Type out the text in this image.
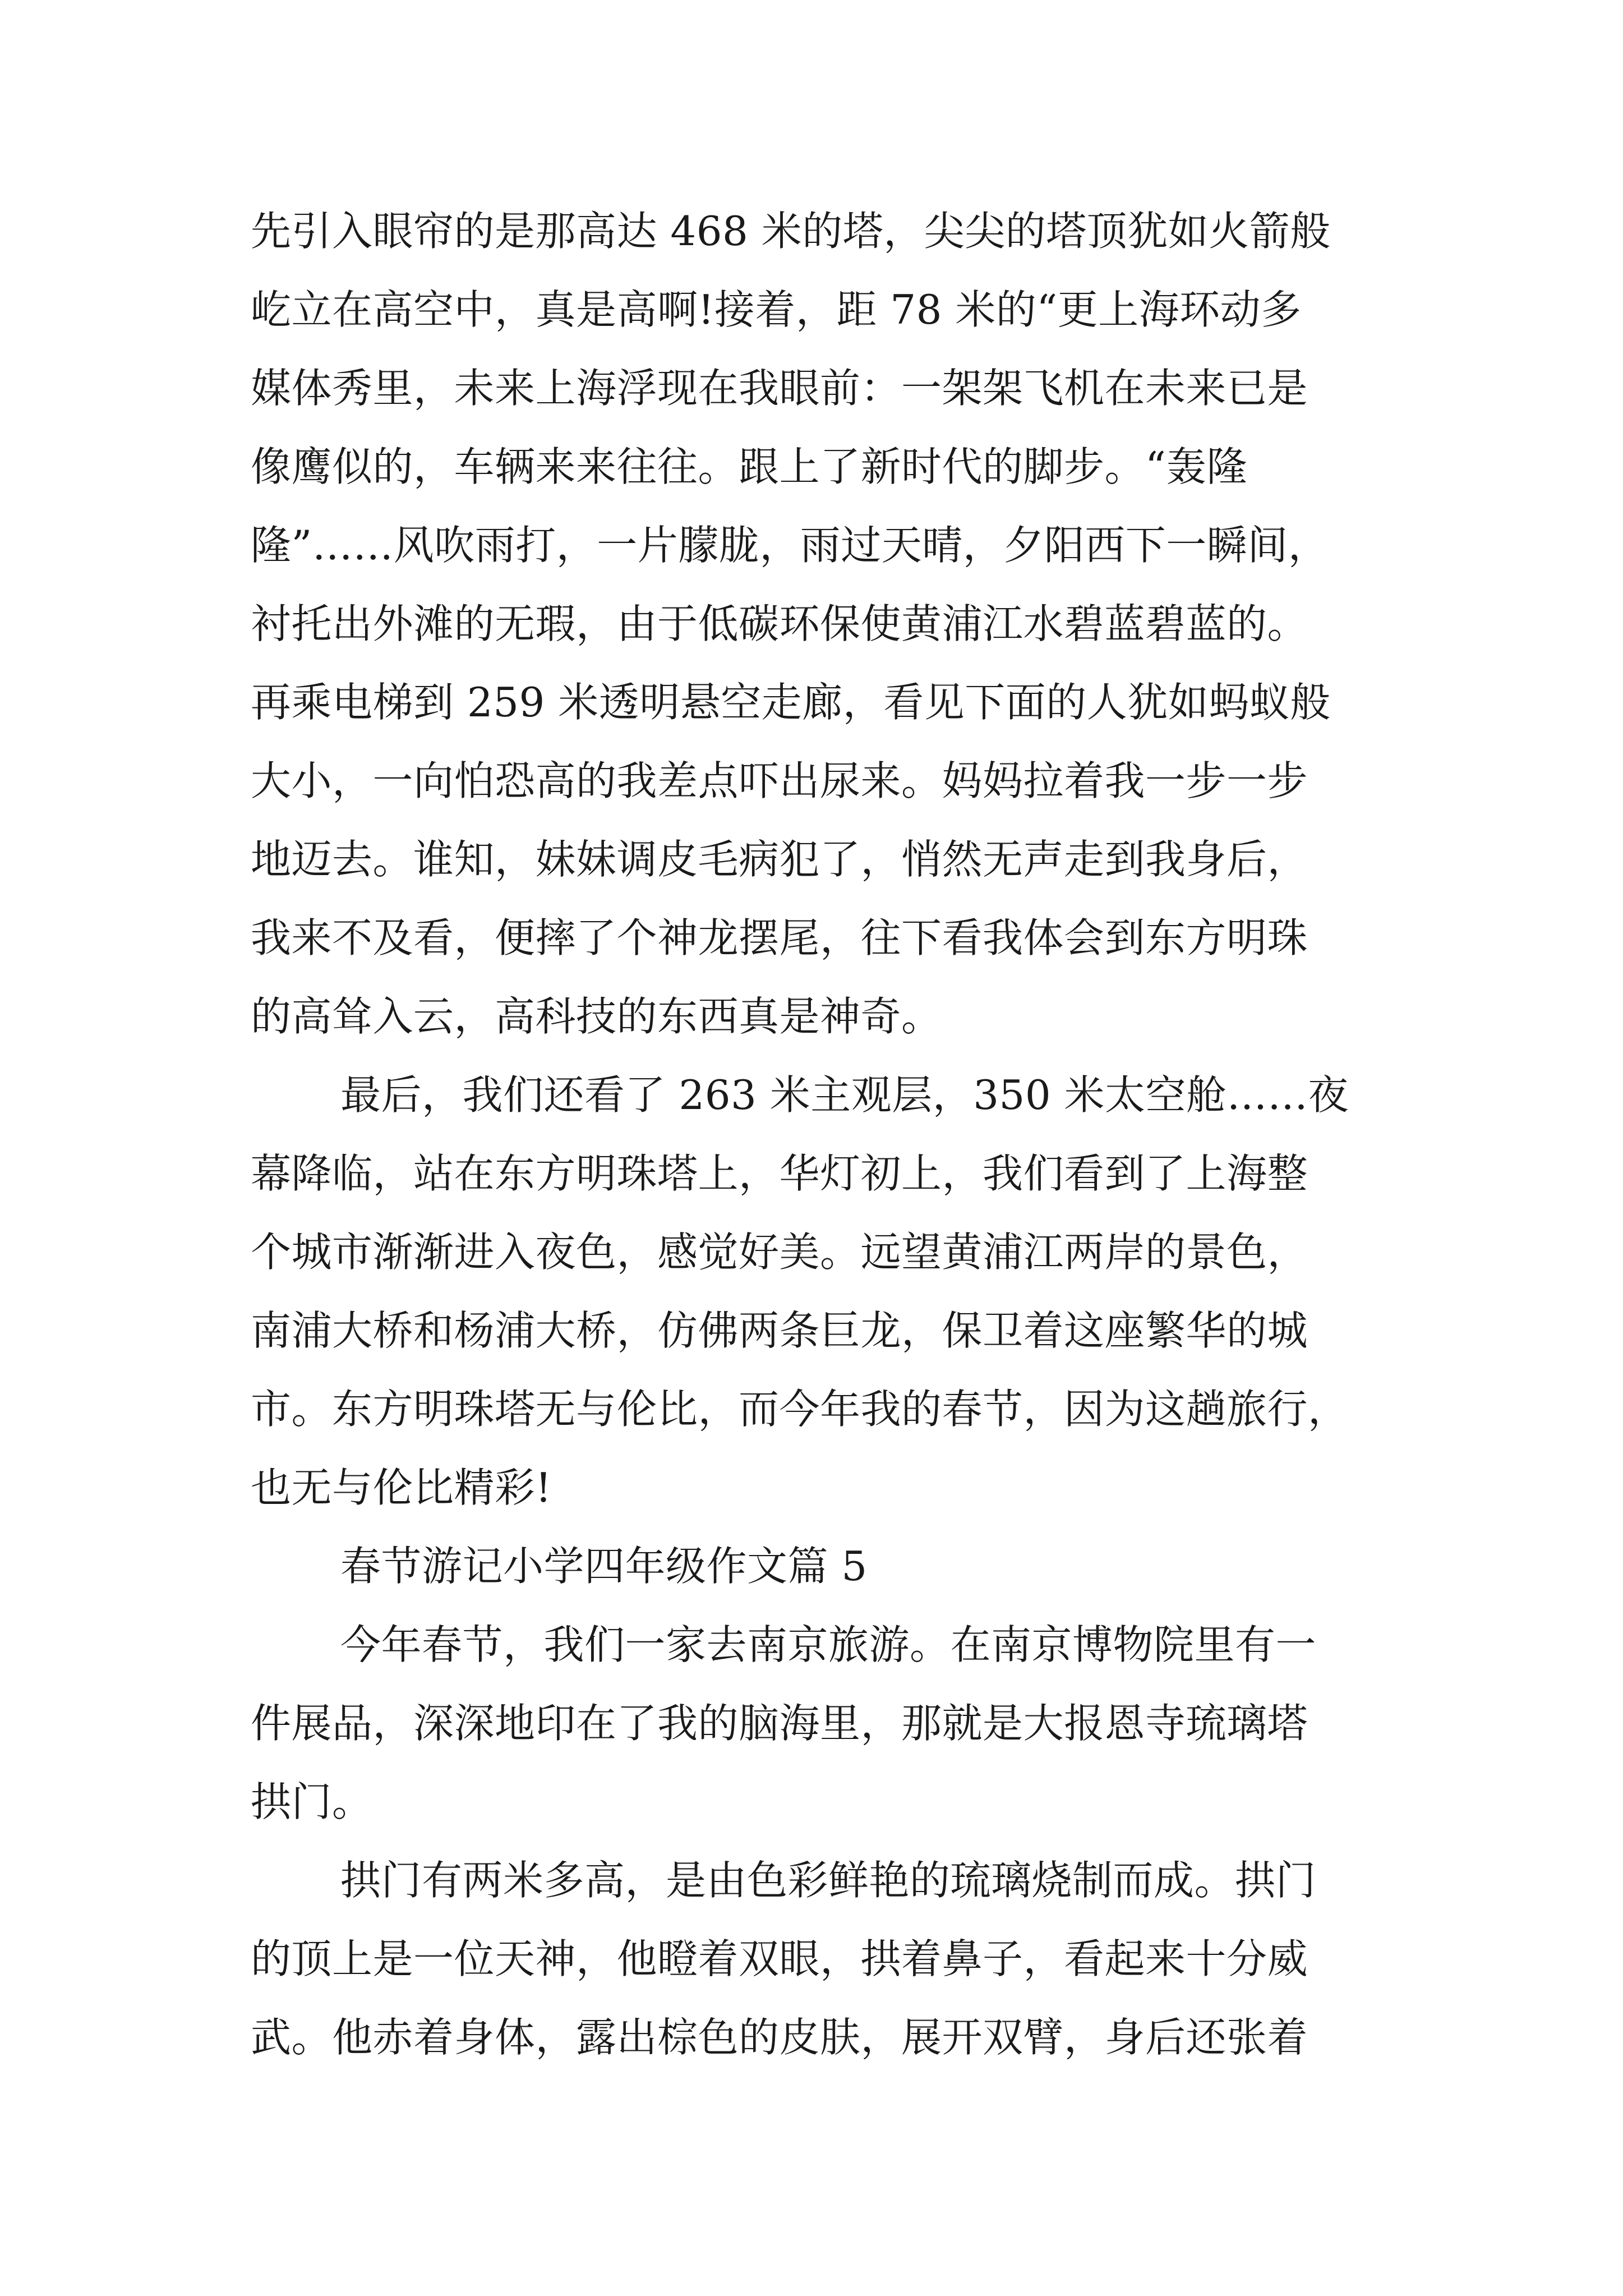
先引入眼帘的是那高达 468 米的塔，尖尖的塔顶犹如火箭般
屹立在高空中，真是高啊!接着，距 78 米的“更上海环动多
媒体秀里，未来上海浮现在我眼前：一架架飞机在未来已是
像鹰似的，车辆来来往往。跟上了新时代的脚步。“轰隆
隆”……风吹雨打，一片朦胧，雨过天晴，夕阳西下一瞬间，
衬托出外滩的无瑕，由于低碳环保使黄浦江水碧蓝碧蓝的。
再乘电梯到 259 米透明悬空走廊，看见下面的人犹如蚂蚁般
大小，一向怕恐高的我差点吓出尿来。妈妈拉着我一步一步
地迈去。谁知，妹妹调皮毛病犯了，悄然无声走到我身后，
我来不及看，便摔了个神龙摆尾，往下看我体会到东方明珠
的高耸入云，高科技的东西真是神奇。
最后，我们还看了 263 米主观层，350 米太空舱……夜
幕降临，站在东方明珠塔上，华灯初上，我们看到了上海整
个城市渐渐进入夜色，感觉好美。远望黄浦江两岸的景色，
南浦大桥和杨浦大桥，仿佛两条巨龙，保卫着这座繁华的城
市。东方明珠塔无与伦比，而今年我的春节，因为这趟旅行，
也无与伦比精彩!
春节游记小学四年级作文篇 5
今年春节，我们一家去南京旅游。在南京博物院里有一
件展品，深深地印在了我的脑海里，那就是大报恩寺琉璃塔
拱门。
拱门有两米多高，是由色彩鲜艳的琉璃烧制而成。拱门
的顶上是一位天神，他瞪着双眼，拱着鼻子，看起来十分威
武。他赤着身体，露出棕色的皮肤，展开双臂，身后还张着
